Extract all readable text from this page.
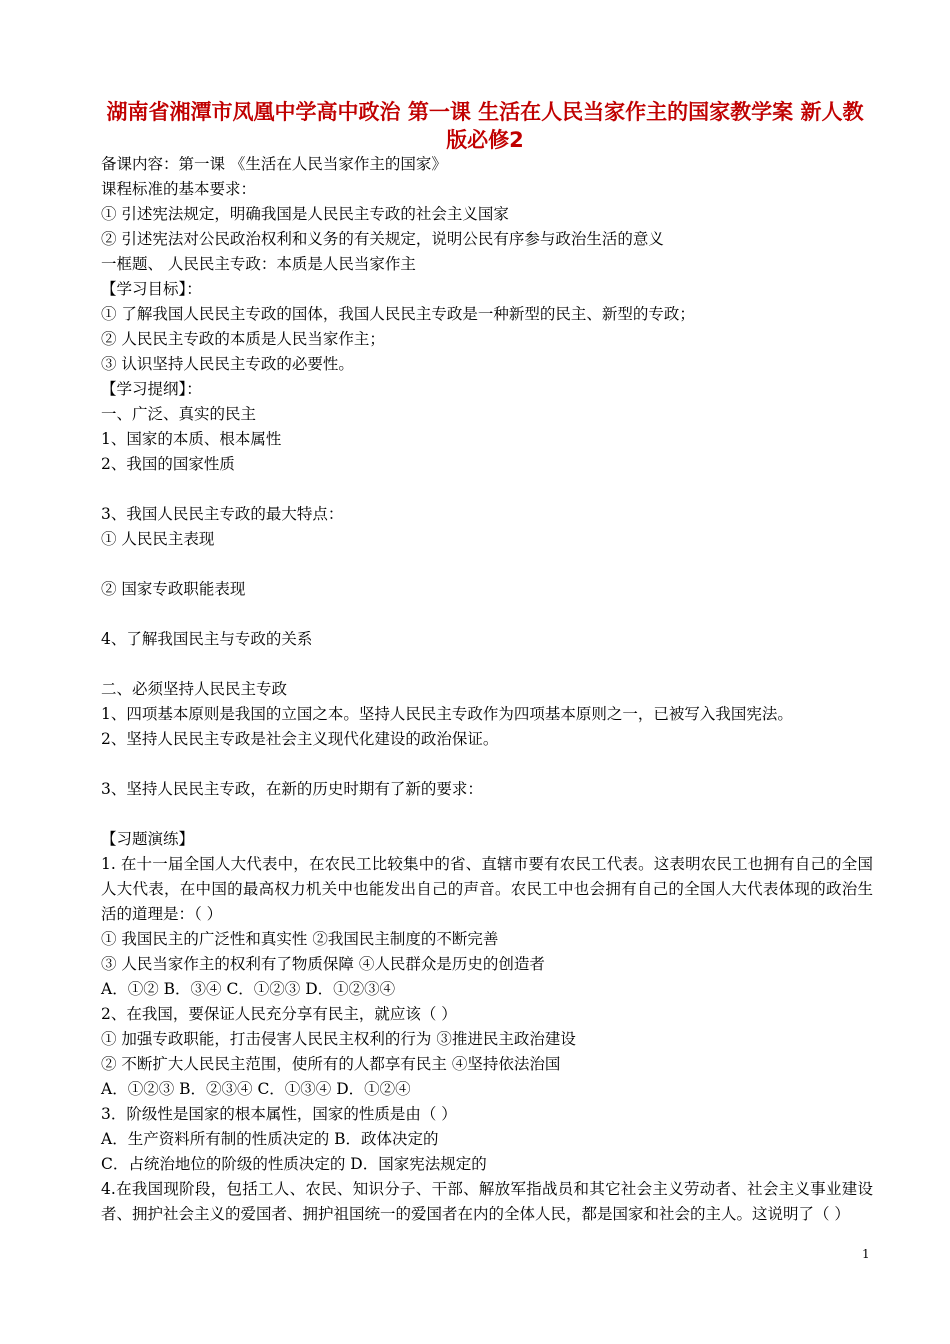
湖南省湘潭市凤凰中学高中政治 第一课 生活在人民当家作主的国家教学案 新人教版必修2
备课内容：第一课 《生活在人民当家作主的国家》
课程标准的基本要求：
① 引述宪法规定，明确我国是人民民主专政的社会主义国家
② 引述宪法对公民政治权利和义务的有关规定，说明公民有序参与政治生活的意义
一框题、 人民民主专政：本质是人民当家作主
【学习目标】：
① 了解我国人民民主专政的国体，我国人民民主专政是一种新型的民主、新型的专政；
② 人民民主专政的本质是人民当家作主；
③ 认识坚持人民民主专政的必要性。
【学习提纲】：
一、广泛、真实的民主
1、国家的本质、根本属性
2、我国的国家性质
3、我国人民民主专政的最大特点：
① 人民民主表现
② 国家专政职能表现
4、了解我国民主与专政的关系
二、必须坚持人民民主专政
1、四项基本原则是我国的立国之本。坚持人民民主专政作为四项基本原则之一，已被写入我国宪法。
2、坚持人民民主专政是社会主义现代化建设的政治保证。
3、坚持人民民主专政，在新的历史时期有了新的要求：
【习题演练】
1. 在十一届全国人大代表中，在农民工比较集中的省、直辖市要有农民工代表。这表明农民工也拥有自己的全国人大代表，在中国的最高权力机关中也能发出自己的声音。农民工中也会拥有自己的全国人大代表体现的政治生活的道理是：（ ）
① 我国民主的广泛性和真实性 ②我国民主制度的不断完善
③ 人民当家作主的权利有了物质保障 ④人民群众是历史的创造者
A．①② B．③④ C．①②③ D．①②③④
2、在我国，要保证人民充分享有民主，就应该（ ）
① 加强专政职能，打击侵害人民民主权利的行为 ③推进民主政治建设
② 不断扩大人民民主范围，使所有的人都享有民主 ④坚持依法治国
A．①②③ B．②③④ C．①③④ D．①②④
3．阶级性是国家的根本属性，国家的性质是由（ ）
A．生产资料所有制的性质决定的 B．政体决定的
C．占统治地位的阶级的性质决定的 D．国家宪法规定的
4.在我国现阶段，包括工人、农民、知识分子、干部、解放军指战员和其它社会主义劳动者、社会主义事业建设者、拥护社会主义的爱国者、拥护祖国统一的爱国者在内的全体人民，都是国家和社会的主人。这说明了（ ）
1
